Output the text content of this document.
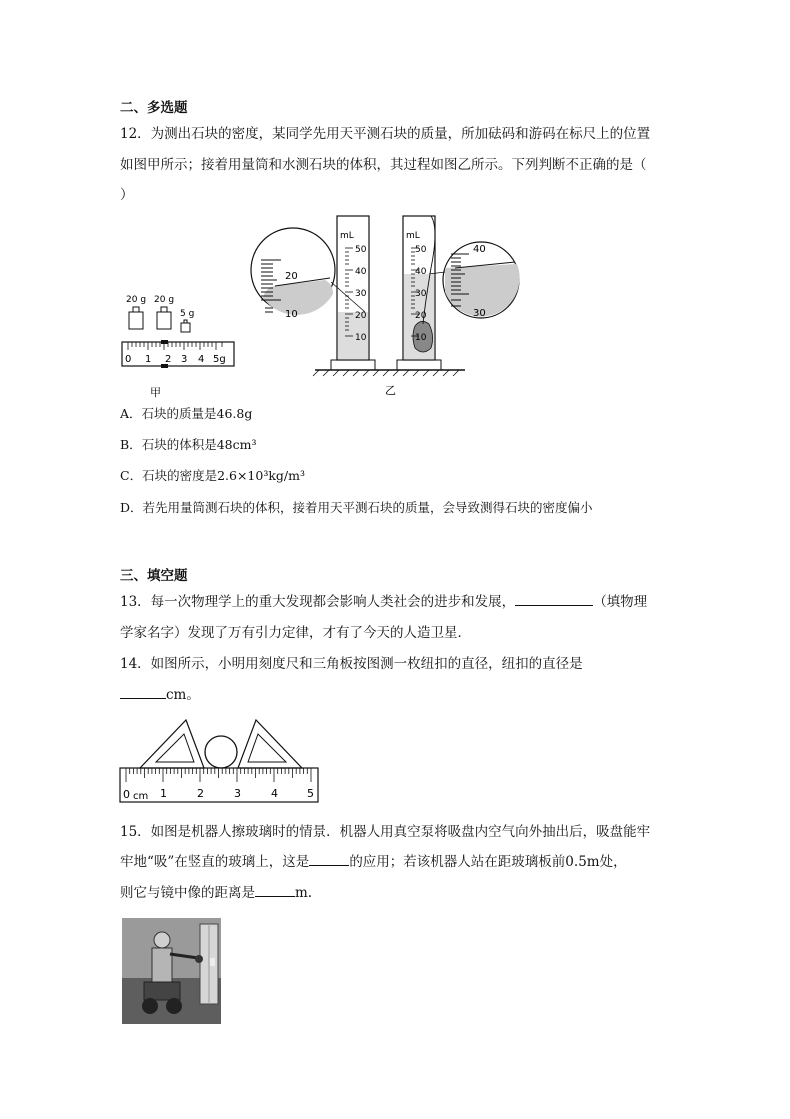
二、多选题
12．为测出石块的密度，某同学先用天平测石块的质量，所加砝码和游码在标尺上的位置
如图甲所示；接着用量筒和水测石块的体积，其过程如图乙所示。下列判断不正确的是（
）
20 g 20 g
5 g
0 1 2 3 4 5g
甲
20
10
mL
50
40
30
20
10
mL
50
40
30
20
10
40
30
乙
A．石块的质量是46.8g
B．石块的体积是48cm³
C．石块的密度是2.6×10³kg/m³
D．若先用量筒测石块的体积，接着用天平测石块的质量，会导致测得石块的密度偏小
三、填空题
13．每一次物理学上的重大发现都会影响人类社会的进步和发展，	（填物理
学家名字）发现了万有引力定律，才有了今天的人造卫星．
14．如图所示，小明用刻度尺和三角板按图测一枚纽扣的直径，纽扣的直径是
cm。
0 cm 1	2	3	4	5
15．如图是机器人擦玻璃时的情景．机器人用真空泵将吸盘内空气向外抽出后，吸盘能牢
牢地“吸”在竖直的玻璃上，这是	的应用；若该机器人站在距玻璃板前0.5m处，
则它与镜中像的距离是	m.
